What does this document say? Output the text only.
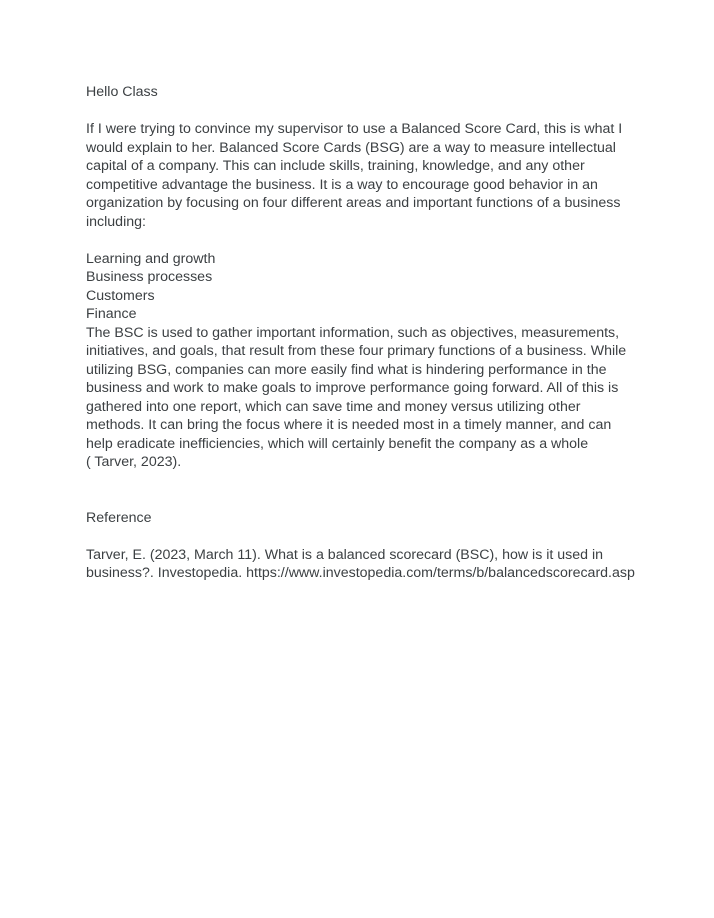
Hello Class
If I were trying to convince my supervisor to use a Balanced Score Card, this is what I
would explain to her. Balanced Score Cards (BSG) are a way to measure intellectual
capital of a company. This can include skills, training, knowledge, and any other
competitive advantage the business. It is a way to encourage good behavior in an
organization by focusing on four different areas and important functions of a business
including:
Learning and growth
Business processes
Customers
Finance
The BSC is used to gather important information, such as objectives, measurements,
initiatives, and goals, that result from these four primary functions of a business. While
utilizing BSG, companies can more easily find what is hindering performance in the
business and work to make goals to improve performance going forward. All of this is
gathered into one report, which can save time and money versus utilizing other
methods. It can bring the focus where it is needed most in a timely manner, and can
help eradicate inefficiencies, which will certainly benefit the company as a whole
( Tarver, 2023).
Reference
Tarver, E. (2023, March 11). What is a balanced scorecard (BSC), how is it used in
business?. Investopedia. https://www.investopedia.com/terms/b/balancedscorecard.asp
